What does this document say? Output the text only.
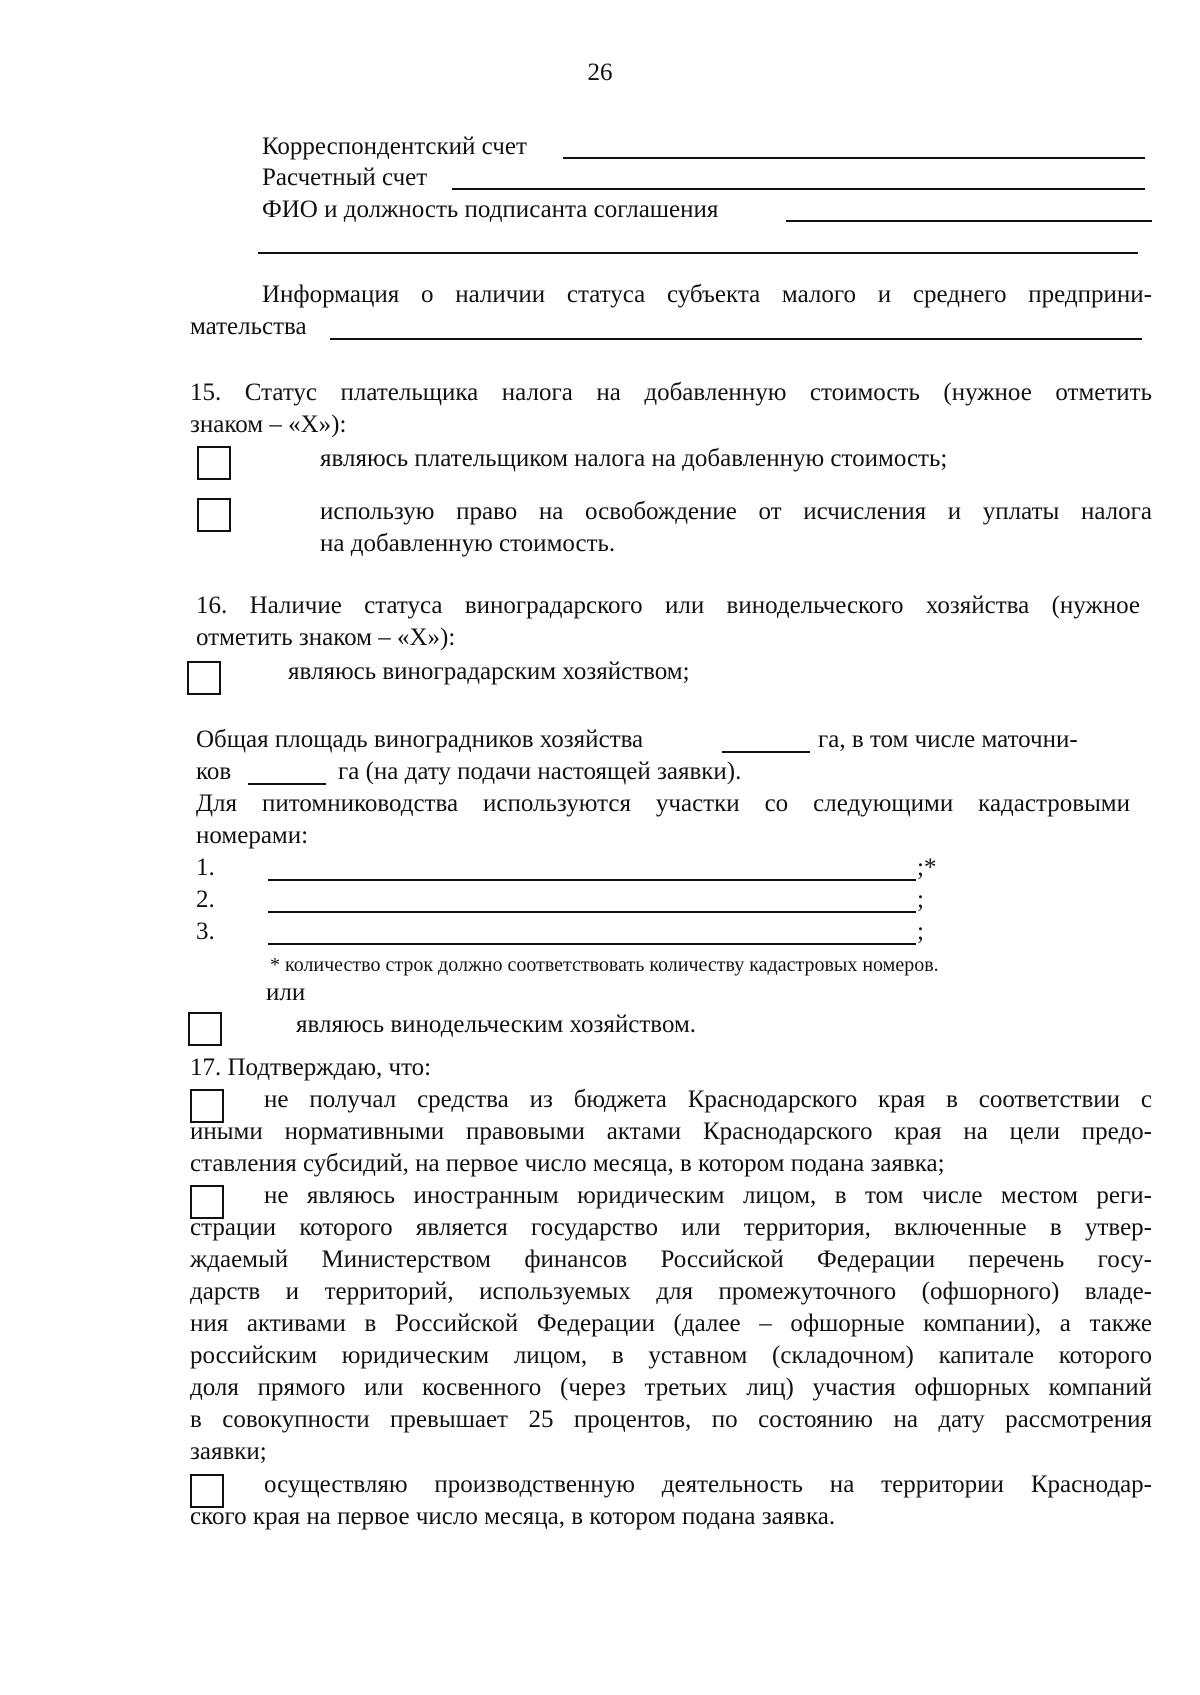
26
Корреспондентский счет
Расчетный счет
ФИО и должность подписанта соглашения
Информация о наличии статуса субъекта малого и среднего предприни-
мательства
15. Статус плательщика налога на добавленную стоимость (нужное отметить
знаком – «X»):
являюсь плательщиком налога на добавленную стоимость;
использую право на освобождение от исчисления и уплаты налога
на добавленную стоимость.
16. Наличие статуса виноградарского или винодельческого хозяйства (нужное
отметить знаком – «X»):
являюсь виноградарским хозяйством;
Общая площадь виноградников хозяйства	га, в том числе маточни-
ков	га (на дату подачи настоящей заявки).
Для питомниководства используются участки со следующими кадастровыми
номерами:
1.	;*
2.	;
3.	;
* количество строк должно соответствовать количеству кадастровых номеров.
или
являюсь винодельческим хозяйством.
17. Подтверждаю, что:
не получал средства из бюджета Краснодарского края в соответствии с
иными нормативными правовыми актами Краснодарского края на цели предо-
ставления субсидий, на первое число месяца, в котором подана заявка;
не являюсь иностранным юридическим лицом, в том числе местом реги-
страции которого является государство или территория, включенные в утвер-
ждаемый Министерством финансов Российской Федерации перечень госу-
дарств и территорий, используемых для промежуточного (офшорного) владе-
ния активами в Российской Федерации (далее – офшорные компании), а также
российским юридическим лицом, в уставном (складочном) капитале которого
доля прямого или косвенного (через третьих лиц) участия офшорных компаний
в совокупности превышает 25 процентов, по состоянию на дату рассмотрения
заявки;
осуществляю производственную деятельность на территории Краснодар-
ского края на первое число месяца, в котором подана заявка.
